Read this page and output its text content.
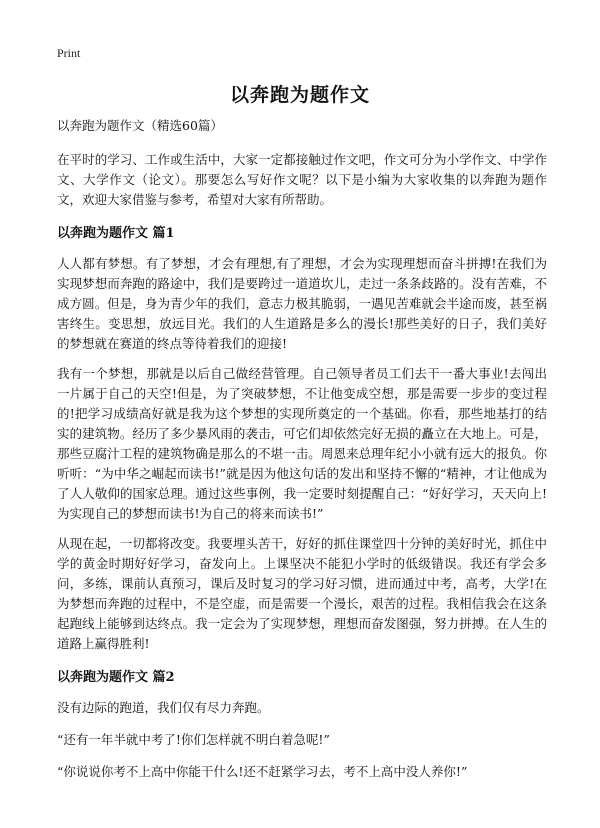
Print
以奔跑为题作文

以奔跑为题作文（精选60篇）

在平时的学习、工作或生活中，大家一定都接触过作文吧，作文可分为小学作文、中学作文、大学作文（论文）。那要怎么写好作文呢？以下是小编为大家收集的以奔跑为题作文，欢迎大家借鉴与参考，希望对大家有所帮助。

以奔跑为题作文 篇1

人人都有梦想。有了梦想，才会有理想,有了理想，才会为实现理想而奋斗拼搏!在我们为实现梦想而奔跑的路途中，我们是要跨过一道道坎儿，走过一条条歧路的。没有苦难，不成方圆。但是，身为青少年的我们，意志力极其脆弱，一遇见苦难就会半途而废，甚至祸害终生。变思想，放远目光。我们的人生道路是多么的漫长!那些美好的日子，我们美好的梦想就在赛道的终点等待着我们的迎接!

我有一个梦想，那就是以后自己做经营管理。自己领导者员工们去干一番大事业!去闯出一片属于自己的天空!但是，为了突破梦想，不让他变成空想，那是需要一步步的变过程的!把学习成绩高好就是我为这个梦想的实现所奠定的一个基础。你看，那些地基打的结实的建筑物。经历了多少暴风雨的袭击，可它们却依然完好无损的矗立在大地上。可是，那些豆腐汁工程的建筑物确是那么的不堪一击。周恩来总理年纪小小就有远大的报负。你听听：“为中华之崛起而读书!”就是因为他这句话的发出和坚持不懈的“精神，才让他成为了人人敬仰的国家总理。通过这些事例，我一定要时刻提醒自己：“好好学习，天天向上!为实现自己的梦想而读书!为自己的将来而读书!”

从现在起，一切都将改变。我要埋头苦干，好好的抓住课堂四十分钟的美好时光，抓住中学的黄金时期好好学习，奋发向上。上课坚决不能犯小学时的低级错误。我还有学会多问，多练，课前认真预习，课后及时复习的学习好习惯，进而通过中考，高考，大学!在为梦想而奔跑的过程中，不是空虚，而是需要一个漫长，艰苦的过程。我相信我会在这条起跑线上能够到达终点。我一定会为了实现梦想，理想而奋发图强，努力拼搏。在人生的道路上赢得胜利!

以奔跑为题作文 篇2

没有边际的跑道，我们仅有尽力奔跑。

“还有一年半就中考了!你们怎样就不明白着急呢!”

“你说说你考不上高中你能干什么!还不赶紧学习去，考不上高中没人养你!”
